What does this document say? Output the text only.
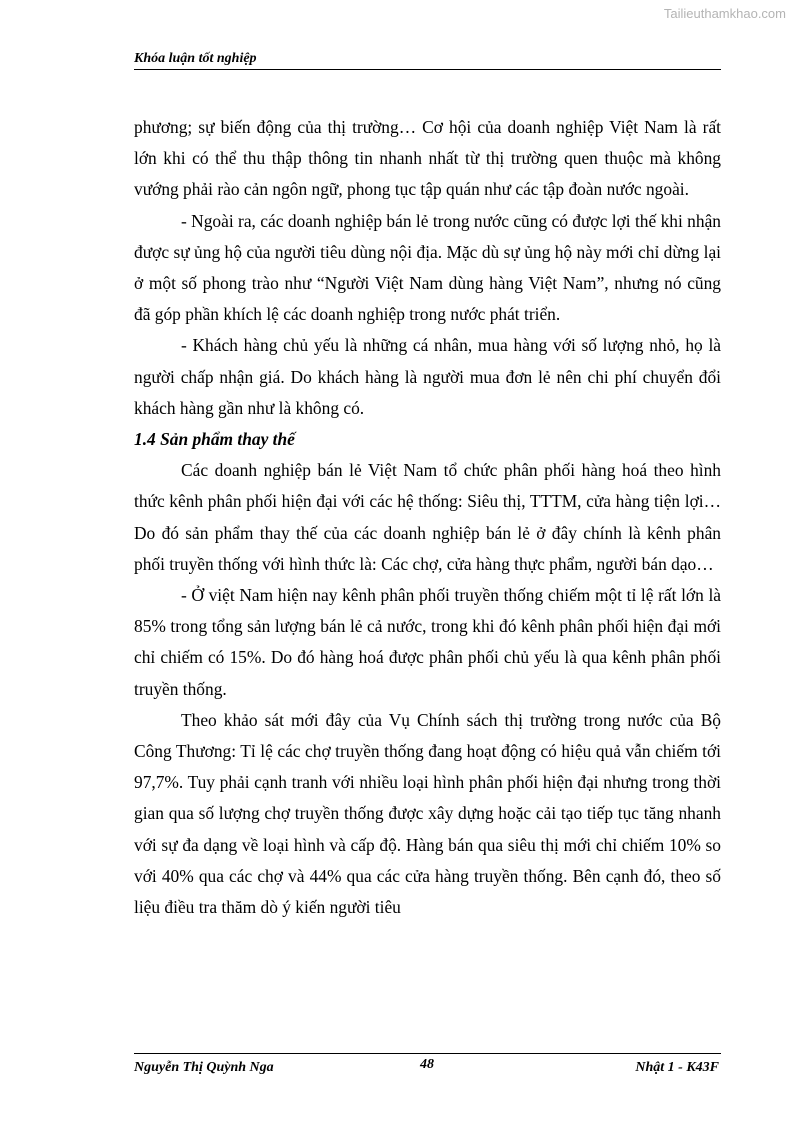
Tailieuthamkhao.com
Khóa luận tốt nghiệp

phương; sự biến động của thị trường… Cơ hội của doanh nghiệp Việt Nam là rất lớn khi có thể thu thập thông tin nhanh nhất từ thị trường quen thuộc mà không vướng phải rào cản ngôn ngữ, phong tục tập quán như các tập đoàn nước ngoài.

- Ngoài ra, các doanh nghiệp bán lẻ trong nước cũng có được lợi thế khi nhận được sự ủng hộ của người tiêu dùng nội địa. Mặc dù sự ủng hộ này mới chỉ dừng lại ở một số phong trào như “Người Việt Nam dùng hàng Việt Nam”, nhưng nó cũng đã góp phần khích lệ các doanh nghiệp trong nước phát triển.

- Khách hàng chủ yếu là những cá nhân, mua hàng với số lượng nhỏ, họ là người chấp nhận giá. Do khách hàng là người mua đơn lẻ nên chi phí chuyển đổi khách hàng gần như là không có.

1.4 Sản phẩm thay thế

Các doanh nghiệp bán lẻ Việt Nam tổ chức phân phối hàng hoá theo hình thức kênh phân phối hiện đại với các hệ thống: Siêu thị, TTTM, cửa hàng tiện lợi… Do đó sản phẩm thay thế của các doanh nghiệp bán lẻ ở đây chính là kênh phân phối truyền thống với hình thức là: Các chợ, cửa hàng thực phẩm, người bán dạo…

- Ở việt Nam hiện nay kênh phân phối truyền thống chiếm một tỉ lệ rất lớn là 85% trong tổng sản lượng bán lẻ cả nước, trong khi đó kênh phân phối hiện đại mới chỉ chiếm có 15%. Do đó hàng hoá được phân phối chủ yếu là qua kênh phân phối truyền thống.

Theo khảo sát mới đây của Vụ Chính sách thị trường trong nước của Bộ Công Thương: Tỉ lệ các chợ truyền thống đang hoạt động có hiệu quả vẫn chiếm tới 97,7%. Tuy phải cạnh tranh với nhiều loại hình phân phối hiện đại nhưng trong thời gian qua số lượng chợ truyền thống được xây dựng hoặc cải tạo tiếp tục tăng nhanh với sự đa dạng về loại hình và cấp độ. Hàng bán qua siêu thị mới chỉ chiếm 10% so với 40% qua các chợ và 44% qua các cửa hàng truyền thống. Bên cạnh đó, theo số liệu điều tra thăm dò ý kiến người tiêu

Nguyễn Thị Quỳnh Nga	48	Nhật 1 - K43F
